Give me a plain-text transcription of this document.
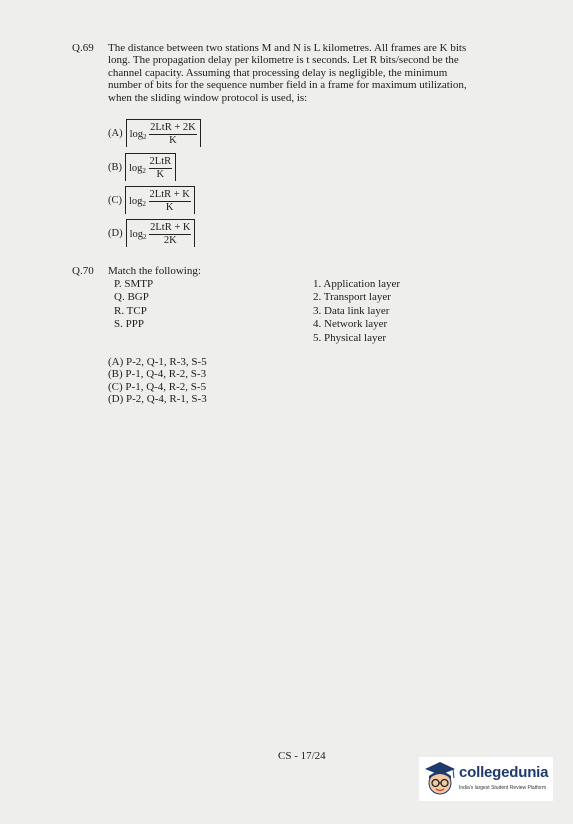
Q.69 The distance between two stations M and N is L kilometres. All frames are K bits
long. The propagation delay per kilometre is t seconds. Let R bits/second be the
channel capacity. Assuming that processing delay is negligible, the minimum
number of bits for the sequence number field in a frame for maximum utilization,
when the sliding window protocol is used, is:
(A) $\log_2 \frac{\text{2LtR + 2K}}{K}$
(B) $\log_2 \frac{\text{2LtR}}{K}$
(C) $\log_2 \frac{\text{2LtR + K}}{K}$
(D) $\log_2 \frac{\text{2LtR + K}}{2K}$
Q.70 Match the following:
P. SMTP
Q. BGP
R. TCP
S. PPP
1. Application layer
2. Transport layer
3. Data link layer
4. Network layer
5. Physical layer
(A) P-2, Q-1, R-3, S-5
(B) P-1, Q-4, R-2, S-3
(C) P-1, Q-4, R-2, S-5
(D) P-2, Q-4, R-1, S-3
CS - 17/24
collegedunia
India's largest Student Review Platform
